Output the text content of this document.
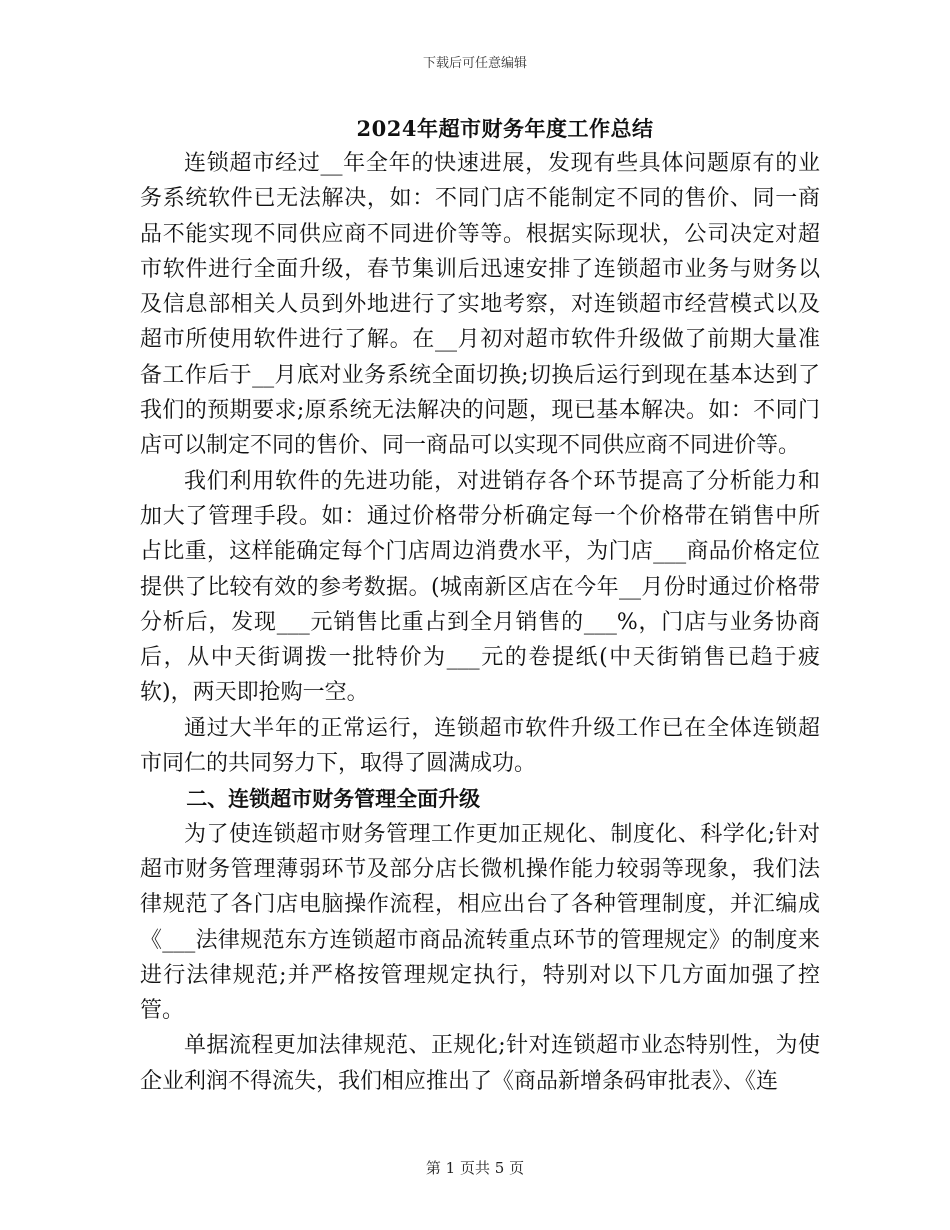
下载后可任意编辑
2024年超市财务年度工作总结

连锁超市经过__年全年的快速进展，发现有些具体问题原有的业务系统软件已无法解决，如：不同门店不能制定不同的售价、同一商品不能实现不同供应商不同进价等等。根据实际现状，公司决定对超市软件进行全面升级，春节集训后迅速安排了连锁超市业务与财务以及信息部相关人员到外地进行了实地考察，对连锁超市经营模式以及超市所使用软件进行了解。在__月初对超市软件升级做了前期大量准备工作后于__月底对业务系统全面切换;切换后运行到现在基本达到了我们的预期要求;原系统无法解决的问题，现已基本解决。如：不同门店可以制定不同的售价、同一商品可以实现不同供应商不同进价等。

我们利用软件的先进功能，对进销存各个环节提高了分析能力和加大了管理手段。如：通过价格带分析确定每一个价格带在销售中所占比重，这样能确定每个门店周边消费水平，为门店___商品价格定位提供了比较有效的参考数据。(城南新区店在今年__月份时通过价格带分析后，发现___元销售比重占到全月销售的___%，门店与业务协商后，从中天街调拨一批特价为___元的卷提纸(中天街销售已趋于疲软)，两天即抢购一空。

通过大半年的正常运行，连锁超市软件升级工作已在全体连锁超市同仁的共同努力下，取得了圆满成功。

二、连锁超市财务管理全面升级

为了使连锁超市财务管理工作更加正规化、制度化、科学化;针对超市财务管理薄弱环节及部分店长微机操作能力较弱等现象，我们法律规范了各门店电脑操作流程，相应出台了各种管理制度，并汇编成《___法律规范东方连锁超市商品流转重点环节的管理规定》的制度来进行法律规范;并严格按管理规定执行，特别对以下几方面加强了控管。

单据流程更加法律规范、正规化;针对连锁超市业态特别性，为使企业利润不得流失，我们相应推出了《商品新增条码审批表》、《连

第 1 页共 5 页
